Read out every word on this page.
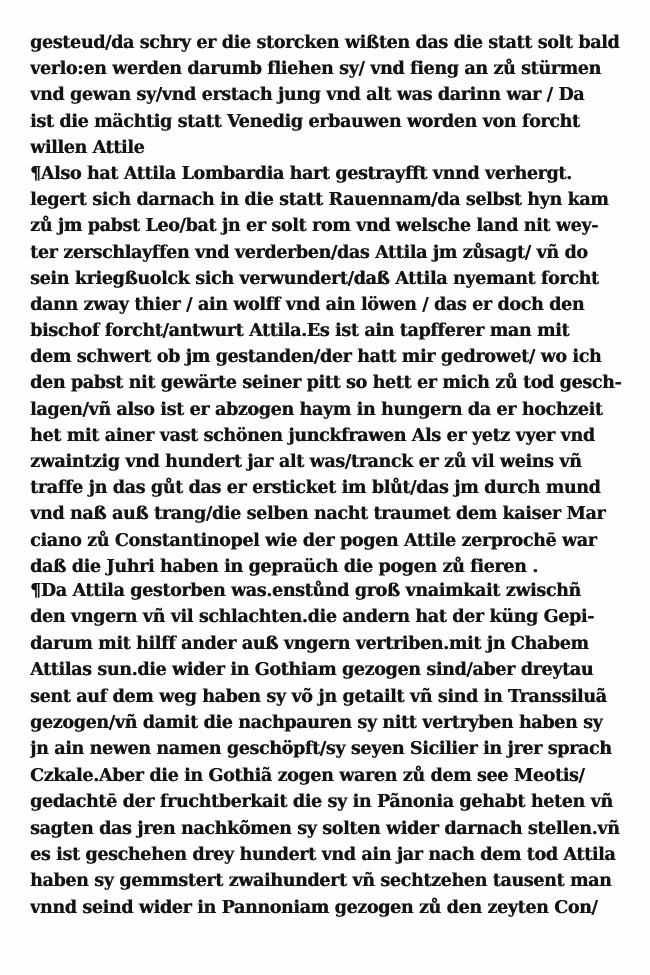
gesteud/da schry er die storcken wißten das die statt solt bald
verlo:en werden darumb fliehen sy/ vnd fieng an zů stürmen
vnd gewan sy/vnd erstach jung vnd alt was darinn war / Da
ist die mächtig statt Venedig erbauwen worden von forcht
willen Attile
¶Also hat Attila Lombardia hart gestrayfft vnnd verhergt.
legert sich darnach in die statt Rauennam/da selbst hyn kam
zů jm pabst Leo/bat jn er solt rom vnd welsche land nit wey-
ter zerschlayffen vnd verderben/das Attila jm zůsagt/ vñ do
sein kriegßuolck sich verwundert/daß Attila nyemant forcht
dann zway thier / ain wolff vnd ain löwen / das er doch den
bischof forcht/antwurt Attila.Es ist ain tapfferer man mit
dem schwert ob jm gestanden/der hatt mir gedrowet/ wo ich
den pabst nit gewärte seiner pitt so hett er mich zů tod gesch-
lagen/vñ also ist er abzogen haym in hungern da er hochzeit
het mit ainer vast schönen junckfrawen Als er yetz vyer vnd
zwaintzig vnd hundert jar alt was/tranck er zů vil weins vñ
traffe jn das gůt das er ersticket im blůt/das jm durch mund
vnd naß auß trang/die selben nacht traumet dem kaiser Mar
ciano zů Constantinopel wie der pogen Attile zerprochē war
daß die Juhri haben in gepraüch die pogen zů fieren .
¶Da Attila gestorben was.enstůnd groß vnaimkait zwischñ
den vngern vñ vil schlachten.die andern hat der küng Gepi-
darum mit hilff ander auß vngern vertriben.mit jn Chabem
Attilas sun.die wider in Gothiam gezogen sind/aber dreytau
sent auf dem weg haben sy võ jn getailt vñ sind in Transsiluã
gezogen/vñ damit die nachpauren sy nitt vertryben haben sy
jn ain newen namen geschöpft/sy seyen Sicilier in jrer sprach
Czkale.Aber die in Gothiã zogen waren zů dem see Meotis/
gedachtē der fruchtberkait die sy in Pãnonia gehabt heten vñ
sagten das jren nachkõmen sy solten wider darnach stellen.vñ
es ist geschehen drey hundert vnd ain jar nach dem tod Attila
haben sy gemmstert zwaihundert vñ sechtzehen tausent man
vnnd seind wider in Pannoniam gezogen zů den zeyten Con/
